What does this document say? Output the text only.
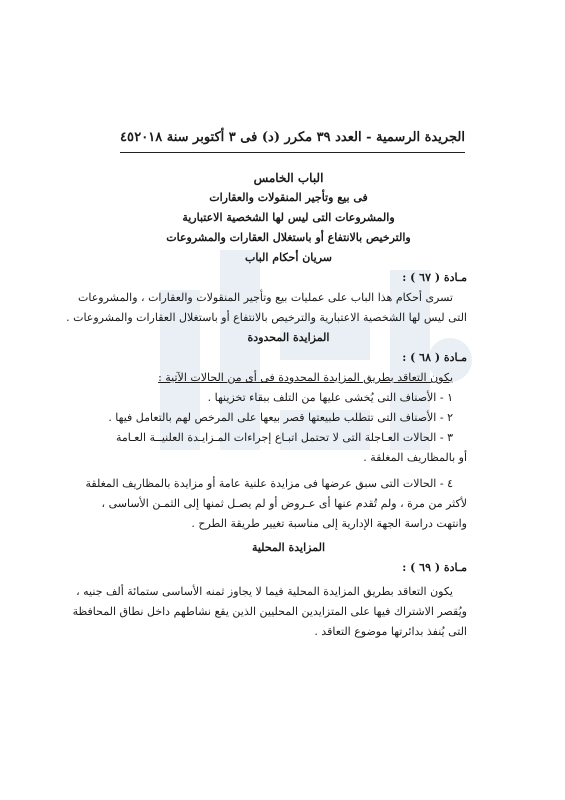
الجريدة الرسمية - العدد ٣٩ مكرر (د) فى ٣ أكتوبر سنة ٢٠١٨
٤٥

الباب الخامس

فى بيع وتأجير المنقولات والعقارات

والمشروعات التى ليس لها الشخصية الاعتبارية

والترخيص بالانتفاع أو باستغلال العقارات والمشروعات

سريان أحكام الباب

مـادة ( ٦٧ ) :

تسرى أحكام هذا الباب على عمليات بيع وتأجير المنقولات والعقارات ، والمشروعات

التى ليس لها الشخصية الاعتبارية والترخيص بالانتفاع أو باستغلال العقارات والمشروعات .

المزايدة المحدودة

مـادة ( ٦٨ ) :

يكون التعاقد بطريق المزايدة المحدودة فى أى من الحالات الآتية :

١ - الأصناف التى يُخشى عليها من التلف ببقاء تخزينها .

٢ - الأصناف التى تتطلب طبيعتها قصر بيعها على المرخص لهم بالتعامل فيها .

٣ - الحالات العـاجلة التى لا تحتمل اتبـاع إجراءات المـزايـدة العلنيــة العـامة

أو بالمظاريف المغلقة .

٤ - الحالات التى سبق عرضها فى مزايدة علنية عامة أو مزايدة بالمظاريف المغلقة

لأكثر من مرة ، ولم تُقدم عنها أى عـروض أو لم يصـل ثمنها إلى الثمـن الأساسى ،

وانتهت دراسة الجهة الإدارية إلى مناسبة تغيير طريقة الطرح .

المزايدة المحلية

مـادة ( ٦٩ ) :

يكون التعاقد بطريق المزايدة المحلية فيما لا يجاوز ثمنه الأساسى ستمائة ألف جنيه ،

ويُقصر الاشتراك فيها على المتزايدين المحليين الذين يقع نشاطهم داخل نطاق المحافظة

التى يُنفذ بدائرتها موضوع التعاقد .
